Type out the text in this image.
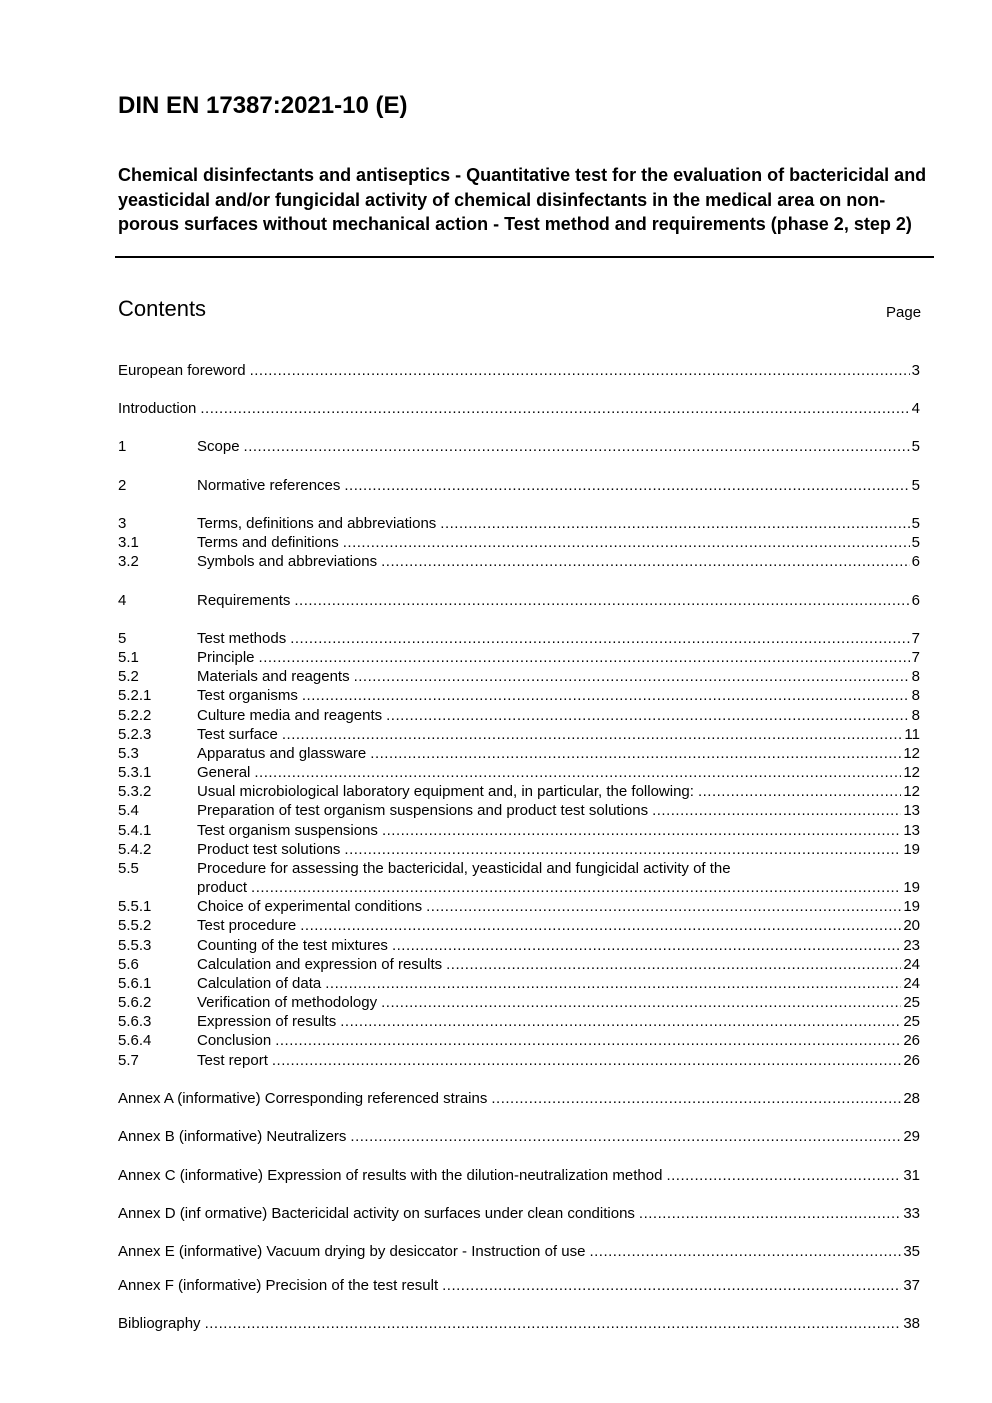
DIN EN 17387:2021-10 (E)
Chemical disinfectants and antiseptics - Quantitative test for the evaluation of bactericidal and yeasticidal and/or fungicidal activity of chemical disinfectants in the medical area on non-porous surfaces without mechanical action - Test method and requirements (phase 2, step 2)
Contents	Page
European foreword .....	3
Introduction .....	4
1	Scope .....	5
2	Normative references .....	5
3	Terms, definitions and abbreviations .....	5
3.1	Terms and definitions .....	5
3.2	Symbols and abbreviations .....	6
4	Requirements .....	6
5	Test methods .....	7
5.1	Principle .....	7
5.2	Materials and reagents .....	8
5.2.1	Test organisms .....	8
5.2.2	Culture media and reagents .....	8
5.2.3	Test surface .....	11
5.3	Apparatus and glassware .....	12
5.3.1	General .....	12
5.3.2	Usual microbiological laboratory equipment and, in particular, the following: .....	12
5.4	Preparation of test organism suspensions and product test solutions .....	13
5.4.1	Test organism suspensions .....	13
5.4.2	Product test solutions .....	19
5.5	Procedure for assessing the bactericidal, yeasticidal and fungicidal activity of the
product .....	19
5.5.1	Choice of experimental conditions .....	19
5.5.2	Test procedure .....	20
5.5.3	Counting of the test mixtures .....	23
5.6	Calculation and expression of results .....	24
5.6.1	Calculation of data .....	24
5.6.2	Verification of methodology .....	25
5.6.3	Expression of results .....	25
5.6.4	Conclusion .....	26
5.7	Test report .....	26
Annex A (informative) Corresponding referenced strains .....	28
Annex B (informative) Neutralizers .....	29
Annex C (informative) Expression of results with the dilution-neutralization method .....	31
Annex D (inf ormative) Bactericidal activity on surfaces under clean conditions .....	33
Annex E (informative) Vacuum drying by desiccator - Instruction of use .....	35
Annex F (informative) Precision of the test result .....	37
Bibliography .....	38
